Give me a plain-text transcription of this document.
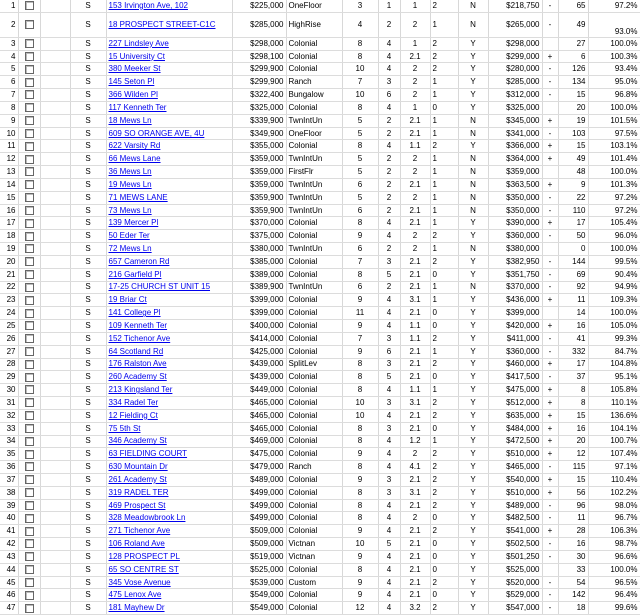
1			S	153 Irvington Ave, 102	$225,000	OneFloor	3	1	1	2	N	$218,750	-	65	97.2%
2			S	18 PROSPECT STREET-C1C	$285,000	HighRise	4	2	2	1	N	$265,000	-	49	93.0%
3			S	227 Lindsley Ave	$298,000	Colonial	8	4	1	2	Y	$298,000		27	100.0%
4			S	15 University Ct	$298,100	Colonial	8	4	2.1	2	Y	$299,000	+	6	100.3%
5			S	380 Meeker St	$299,900	Colonial	10	4	2	2	Y	$280,000	-	126	93.4%
6			S	145 Seton Pl	$299,900	Ranch	7	3	2	1	Y	$285,000	-	134	95.0%
7			S	366 Wilden Pl	$322,400	Bungalow	10	6	2	1	Y	$312,000	-	15	96.8%
8			S	117 Kenneth Ter	$325,000	Colonial	8	4	1	0	Y	$325,000		20	100.0%
9			S	18 Mews Ln	$339,900	TwnIntUn	5	2	2.1	1	N	$345,000	+	19	101.5%
10			S	609 SO ORANGE AVE, 4U	$349,900	OneFloor	5	2	2.1	1	N	$341,000	-	103	97.5%
11			S	622 Varsity Rd	$355,000	Colonial	8	4	1.1	2	Y	$366,000	+	15	103.1%
12			S	66 Mews Lane	$359,000	TwnIntUn	5	2	2	1	N	$364,000	+	49	101.4%
13			S	36 Mews Ln	$359,000	FirstFlr	5	2	2	1	N	$359,000		48	100.0%
14			S	19 Mews Ln	$359,000	TwnIntUn	6	2	2.1	1	N	$363,500	+	9	101.3%
15			S	71 MEWS LANE	$359,900	TwnIntUn	5	2	2	1	N	$350,000	-	22	97.2%
16			S	73 Mews Ln	$359,900	TwnIntUn	6	2	2.1	1	N	$350,000	-	110	97.2%
17			S	139 Mercer Pl	$370,000	Colonial	8	4	2.1	1	Y	$390,000	+	17	105.4%
18			S	50 Eder Ter	$375,000	Colonial	9	4	2	2	Y	$360,000	-	50	96.0%
19			S	72 Mews Ln	$380,000	TwnIntUn	6	2	2	1	N	$380,000		0	100.0%
20			S	657 Cameron Rd	$385,000	Colonial	7	3	2.1	2	Y	$382,950	-	144	99.5%
21			S	216 Garfield Pl	$389,000	Colonial	8	5	2.1	0	Y	$351,750	-	69	90.4%
22			S	17-25 CHURCH ST UNIT 15	$389,900	TwnIntUn	6	2	2.1	1	N	$370,000	-	92	94.9%
23			S	19 Briar Ct	$399,000	Colonial	9	4	3.1	1	Y	$436,000	+	11	109.3%
24			S	141 College Pl	$399,000	Colonial	11	4	2.1	0	Y	$399,000		14	100.0%
25			S	109 Kenneth Ter	$400,000	Colonial	9	4	1.1	0	Y	$420,000	+	16	105.0%
26			S	152 Tichenor Ave	$414,000	Colonial	7	3	1.1	2	Y	$411,000	-	41	99.3%
27			S	64 Scotland Rd	$425,000	Colonial	9	6	2.1	1	Y	$360,000	-	332	84.7%
28			S	176 Ralston Ave	$439,000	SplitLev	8	3	2.1	2	Y	$460,000	+	17	104.8%
29			S	260 Academy St	$439,000	Colonial	8	5	2.1	0	Y	$417,500	-	37	95.1%
30			S	213 Kingsland Ter	$449,000	Colonial	8	4	1.1	1	Y	$475,000	+	8	105.8%
31			S	334 Radel Ter	$465,000	Colonial	10	3	3.1	2	Y	$512,000	+	8	110.1%
32			S	12 Fielding Ct	$465,000	Colonial	10	4	2.1	2	Y	$635,000	+	15	136.6%
33			S	75 5th St	$465,000	Colonial	8	3	2.1	0	Y	$484,000	+	16	104.1%
34			S	346 Academy St	$469,000	Colonial	8	4	1.2	1	Y	$472,500	+	20	100.7%
35			S	63 FIELDING COURT	$475,000	Colonial	9	4	2	2	Y	$510,000	+	12	107.4%
36			S	630 Mountain Dr	$479,000	Ranch	8	4	4.1	2	Y	$465,000	-	115	97.1%
37			S	261 Academy St	$489,000	Colonial	9	3	2.1	2	Y	$540,000	+	15	110.4%
38			S	319 RADEL TER	$499,000	Colonial	8	3	3.1	2	Y	$510,000	+	56	102.2%
39			S	469 Prospect St	$499,000	Colonial	8	4	2.1	2	Y	$489,000	-	96	98.0%
40			S	328 Meadowbrook Ln	$499,000	Colonial	8	4	2	0	Y	$482,500	-	11	96.7%
41			S	271 Tichenor Ave	$509,000	Colonial	9	4	2.1	2	Y	$541,000	+	28	106.3%
42			S	106 Roland Ave	$509,000	Victnan	10	5	2.1	0	Y	$502,500	-	16	98.7%
43			S	128 PROSPECT PL	$519,000	Victnan	9	4	2.1	0	Y	$501,250	-	30	96.6%
44			S	65 SO CENTRE ST	$525,000	Colonial	8	4	2.1	0	Y	$525,000		33	100.0%
45			S	345 Vose Avenue	$539,000	Custom	9	4	2.1	2	Y	$520,000	-	54	96.5%
46			S	475 Lenox Ave	$549,000	Colonial	9	4	2.1	0	Y	$529,000	-	142	96.4%
47			S	181 Mayhew Dr	$549,000	Colonial	12	4	3.2	2	Y	$547,000	-	18	99.6%
